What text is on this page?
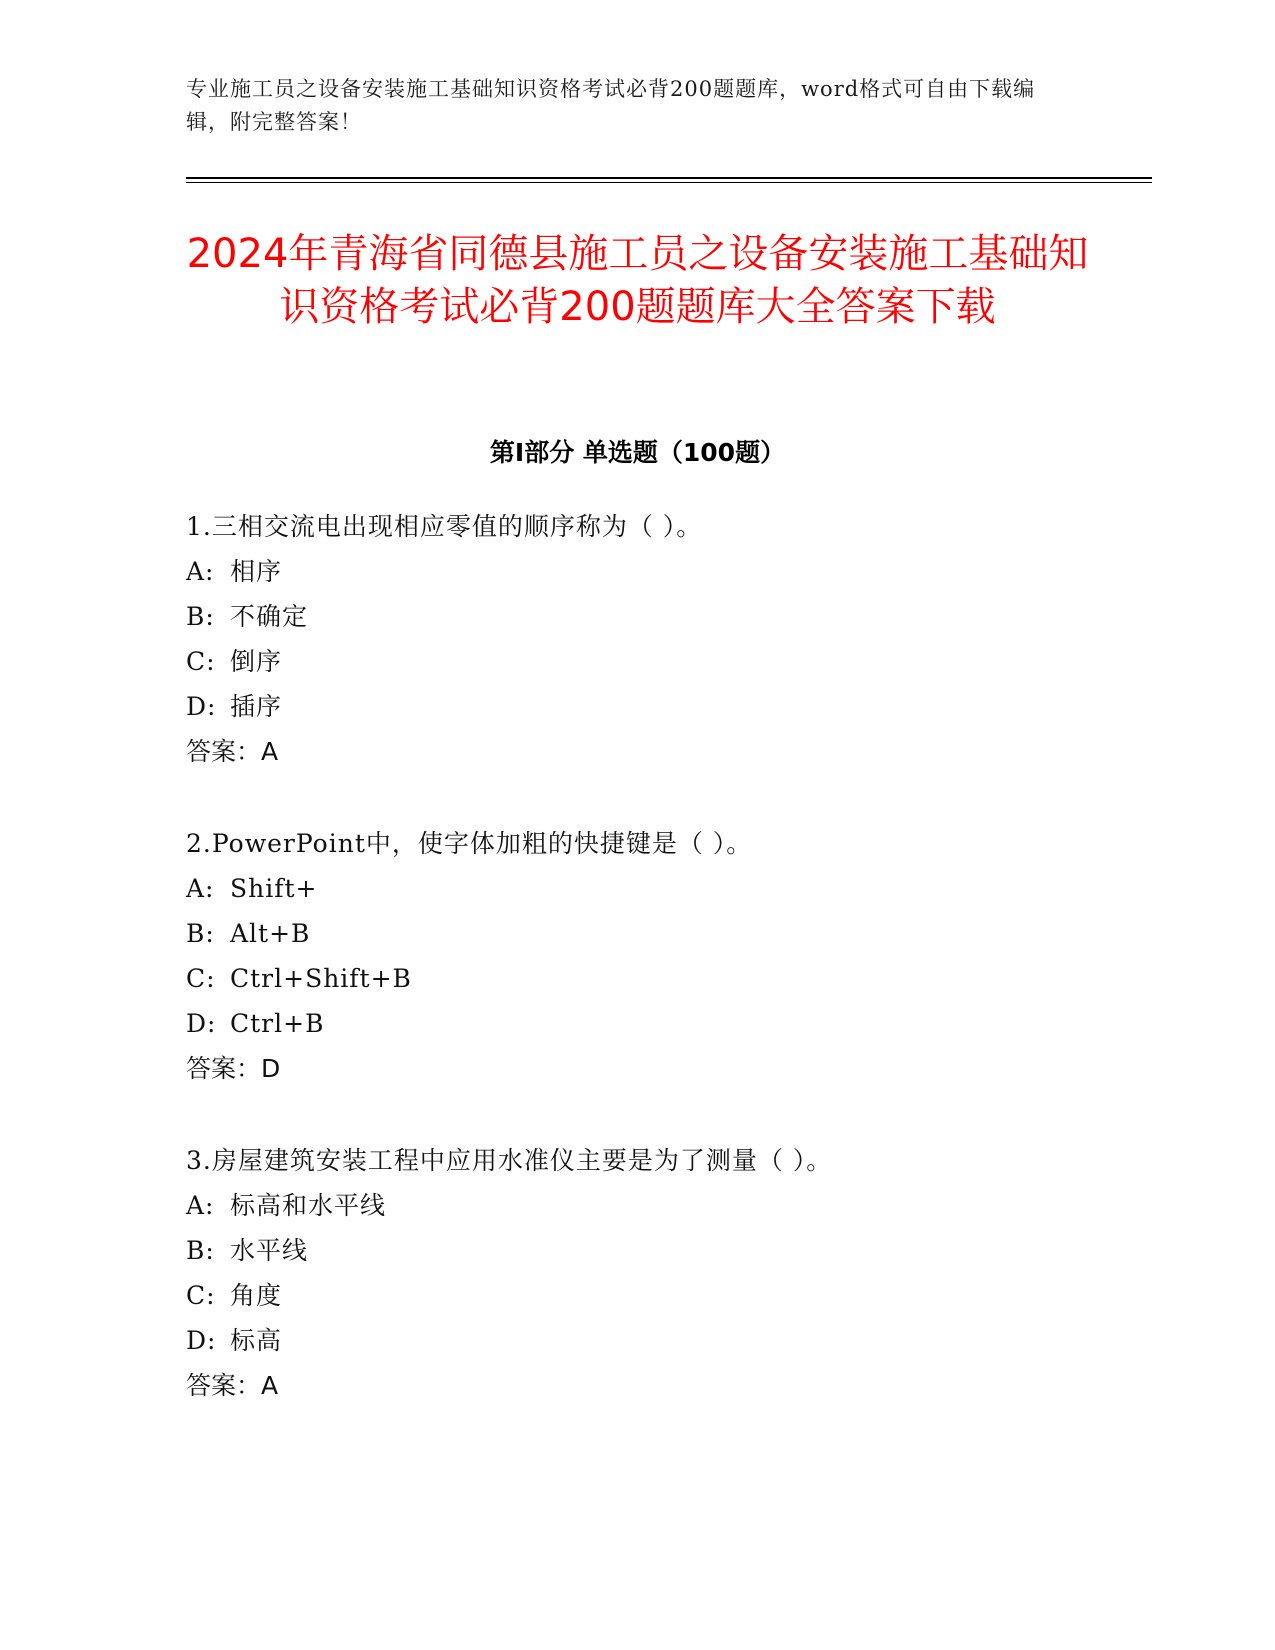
专业施工员之设备安装施工基础知识资格考试必背200题题库，word格式可自由下载编辑，附完整答案！
2024年青海省同德县施工员之设备安装施工基础知识资格考试必背200题题库大全答案下载
第Ⅰ部分 单选题（100题）
1.三相交流电出现相应零值的顺序称为（ ）。
A: 相序
B: 不确定
C: 倒序
D: 插序
答案：A
2.PowerPoint中，使字体加粗的快捷键是（ ）。
A: Shift+
B: Alt+B
C: Ctrl+Shift+B
D: Ctrl+B
答案：D
3.房屋建筑安装工程中应用水准仪主要是为了测量（ ）。
A: 标高和水平线
B: 水平线
C: 角度
D: 标高
答案：A
